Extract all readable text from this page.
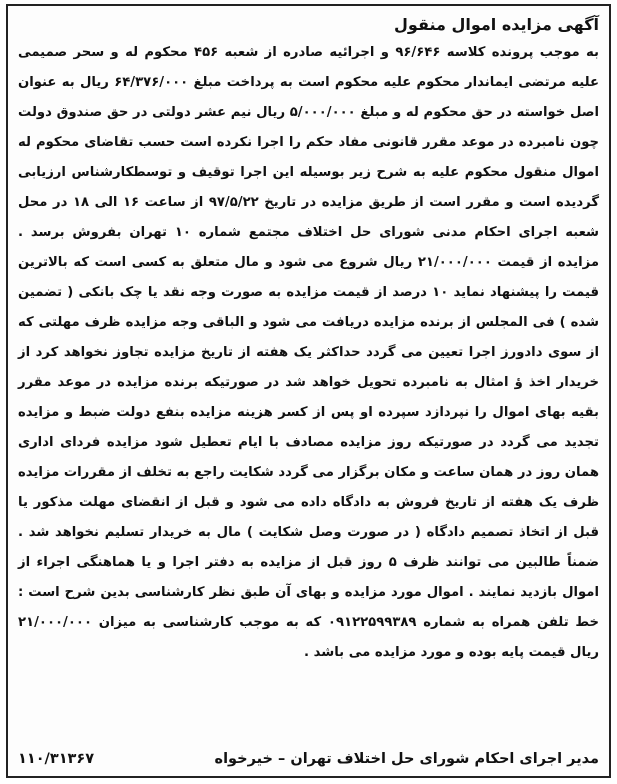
آگهی مزایده اموال منقول

به موجب پرونده کلاسه ۹۶/۶۴۶ و اجرائیه صادره از شعبه ۴۵۶ محکوم له و سحر صمیمی علیه مرتضی ایماندار محکوم علیه محکوم است به پرداخت مبلغ ۶۴/۳۷۶/۰۰۰ ریال به عنوان اصل خواسته در حق محکوم له و مبلغ ۵/۰۰۰/۰۰۰ ریال نیم عشر دولتی در حق صندوق دولت چون نامبرده در موعد مقرر قانونی مفاد حکم را اجرا نکرده است حسب تقاضای محکوم له اموال منقول محکوم علیه به شرح زیر بوسیله این اجرا توقیف و توسطکارشناس ارزیابی گردیده است و مقرر است از طریق مزایده در تاریخ ۹۷/۵/۲۲ از ساعت ۱۶ الی ۱۸ در محل شعبه اجرای احکام مدنی شورای حل اختلاف مجتمع شماره ۱۰ تهران بفروش برسد . مزایده از قیمت ۲۱/۰۰۰/۰۰۰ ریال شروع می شود و مال متعلق به کسی است که بالاترین قیمت را پیشنهاد نماید ۱۰ درصد از قیمت مزایده به صورت وجه نقد یا چک بانکی ( تضمین شده ) فی المجلس از برنده مزایده دریافت می شود و الباقی وجه مزایده ظرف مهلتی که از سوی دادورز اجرا تعیین می گردد حداکثر یک هفته از تاریخ مزایده تجاوز نخواهد کرد از خریدار اخذ ؤ امثال به نامبرده تحویل خواهد شد در صورتیکه برنده مزایده در موعد مقرر بقیه بهای اموال را نپردازد سپرده او پس از کسر هزینه مزایده بنفع دولت ضبط و مزایده تجدید می گردد در صورتیکه روز مزایده مصادف با ایام تعطیل شود مزایده فردای اداری همان روز در همان ساعت و مکان برگزار می گردد شکایت راجع به تخلف از مقررات مزایده ظرف یک هفته از تاریخ فروش به دادگاه داده می شود و قبل از انقضای مهلت مذکور یا قبل از اتخاذ تصمیم دادگاه ( در صورت وصل شکایت ) مال به خریدار تسلیم نخواهد شد . ضمناً طالبین می توانند ظرف ۵ روز قبل از مزایده به دفتر اجرا و یا هماهنگی اجراء از اموال بازدید نمایند . اموال مورد مزایده و بهای آن طبق نظر کارشناسی بدین شرح است : خط تلفن همراه به شماره ۰۹۱۲۲۵۹۹۳۸۹ که به موجب کارشناسی به میزان ۲۱/۰۰۰/۰۰۰ ریال قیمت پایه بوده و مورد مزایده می باشد .

مدیر اجرای احکام شورای حل اختلاف تهران – خیرخواه
۱۱۰/۳۱۳۶۷
